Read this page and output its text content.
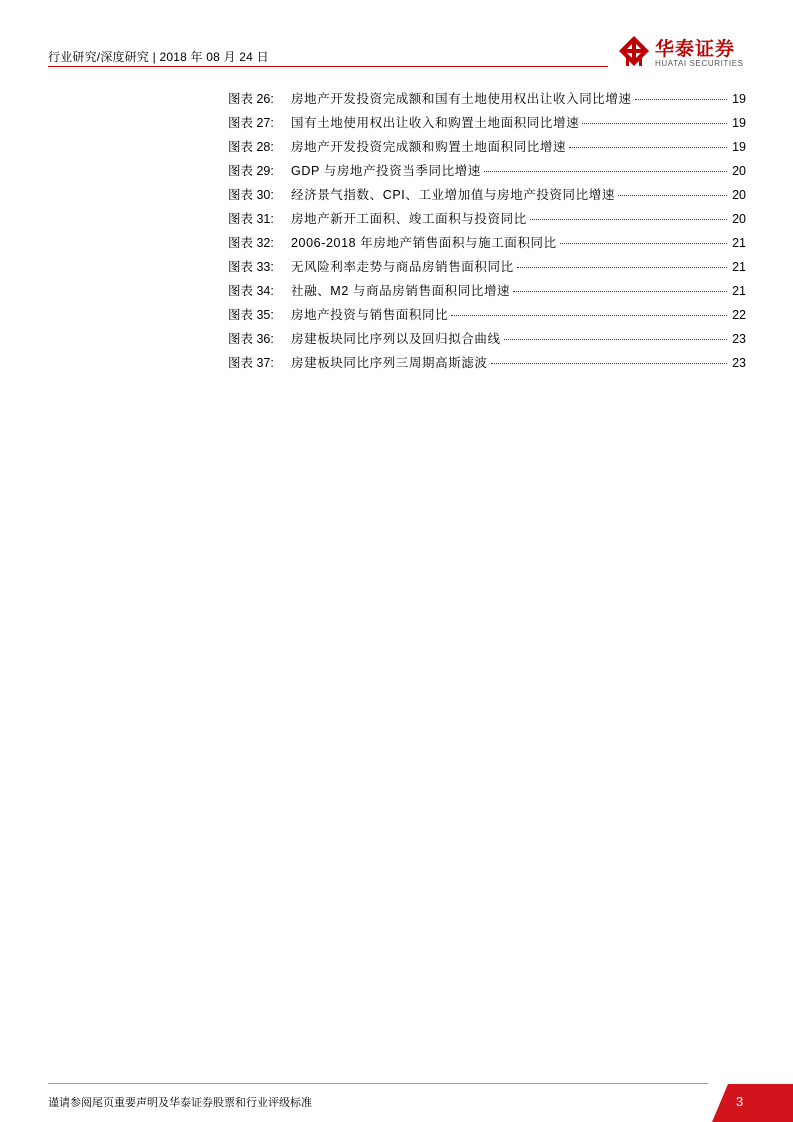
行业研究/深度研究 | 2018 年 08 月 24 日	华泰证券
HUATAI SECURITIES
图表 26:	房地产开发投资完成额和国有土地使用权出让收入同比增速	19
图表 27:	国有土地使用权出让收入和购置土地面积同比增速	19
图表 28:	房地产开发投资完成额和购置土地面积同比增速	19
图表 29:	GDP 与房地产投资当季同比增速	20
图表 30:	经济景气指数、CPI、工业增加值与房地产投资同比增速	20
图表 31:	房地产新开工面积、竣工面积与投资同比	20
图表 32:	2006-2018 年房地产销售面积与施工面积同比	21
图表 33:	无风险利率走势与商品房销售面积同比	21
图表 34:	社融、M2 与商品房销售面积同比增速	21
图表 35:	房地产投资与销售面积同比	22
图表 36:	房建板块同比序列以及回归拟合曲线	23
图表 37:	房建板块同比序列三周期高斯滤波	23
谨请参阅尾页重要声明及华泰证券股票和行业评级标准	3
